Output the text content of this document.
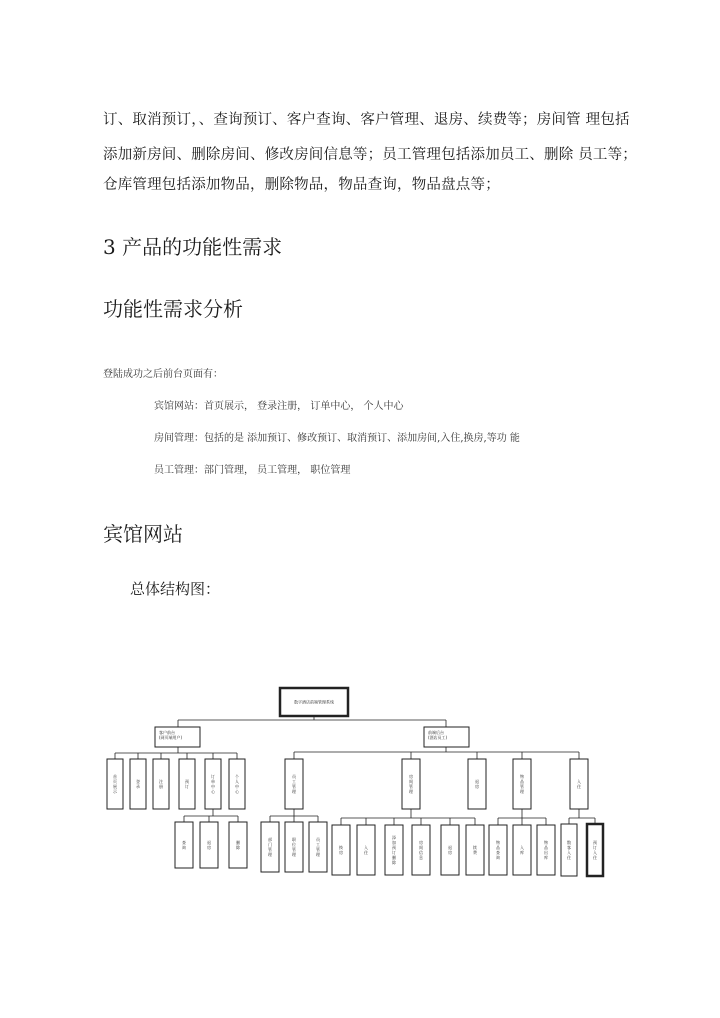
订、取消预订，、查询预订、客户查询、客户管理、退房、续费等；房间管 理包括
添加新房间、删除房间、修改房间信息等；员工管理包括添加员工、删除 员工等；
仓库管理包括添加物品，删除物品，物品查询，物品盘点等；
3 产品的功能性需求
功能性需求分析
登陆成功之后前台页面有：
宾馆网站：首页展示， 登录注册， 订单中心， 个人中心
房间管理：包括的是 添加预订、修改预订、取消预订、添加房间,入住,换房,等功 能
员工管理：部门管理， 员工管理， 职位管理
宾馆网站
总体结构图：
数字酒店前端管理系统
客户前台
(网页端用户)
前端后台
(酒店员工)
首
页
展
示
登
录
注
册
预
订
订
单
中
心
个
人
中
心
查
询
退
房
删
除
员
工
管
理
房
间
管
理
退
房
物
品
管
理
入
住
部
门
管
理
职
位
管
理
员
工
管
理
换
房
入
住
添
加
预
订
删
除
房
间
信
息
退
房
续
费
物
品
查
询
入
库
物
品
出
库
散
客
入
住
预
订
入
住
